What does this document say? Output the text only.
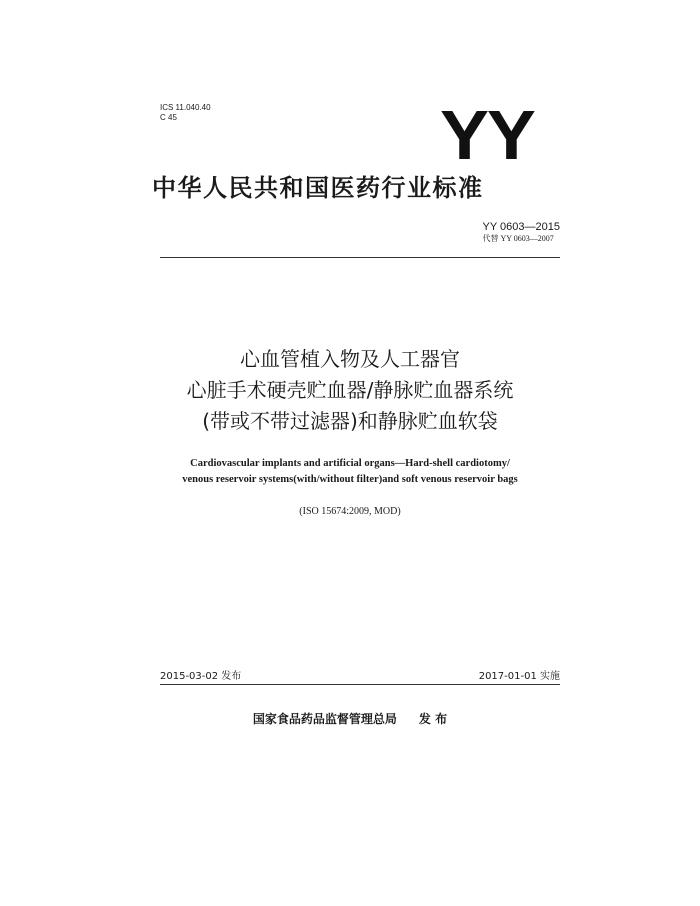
ICS 11.040.40
C 45	YY
中华人民共和国医药行业标准
YY 0603—2015
代替 YY 0603—2007
心血管植入物及人工器官
心脏手术硬壳贮血器/静脉贮血器系统
(带或不带过滤器)和静脉贮血软袋
Cardiovascular implants and artificial organs—Hard-shell cardiotomy/
venous reservoir systems(with/without filter)and soft venous reservoir bags
(ISO 15674:2009, MOD)
2015-03-02 发布	2017-01-01 实施
国家食品药品监督管理总局 发 布
